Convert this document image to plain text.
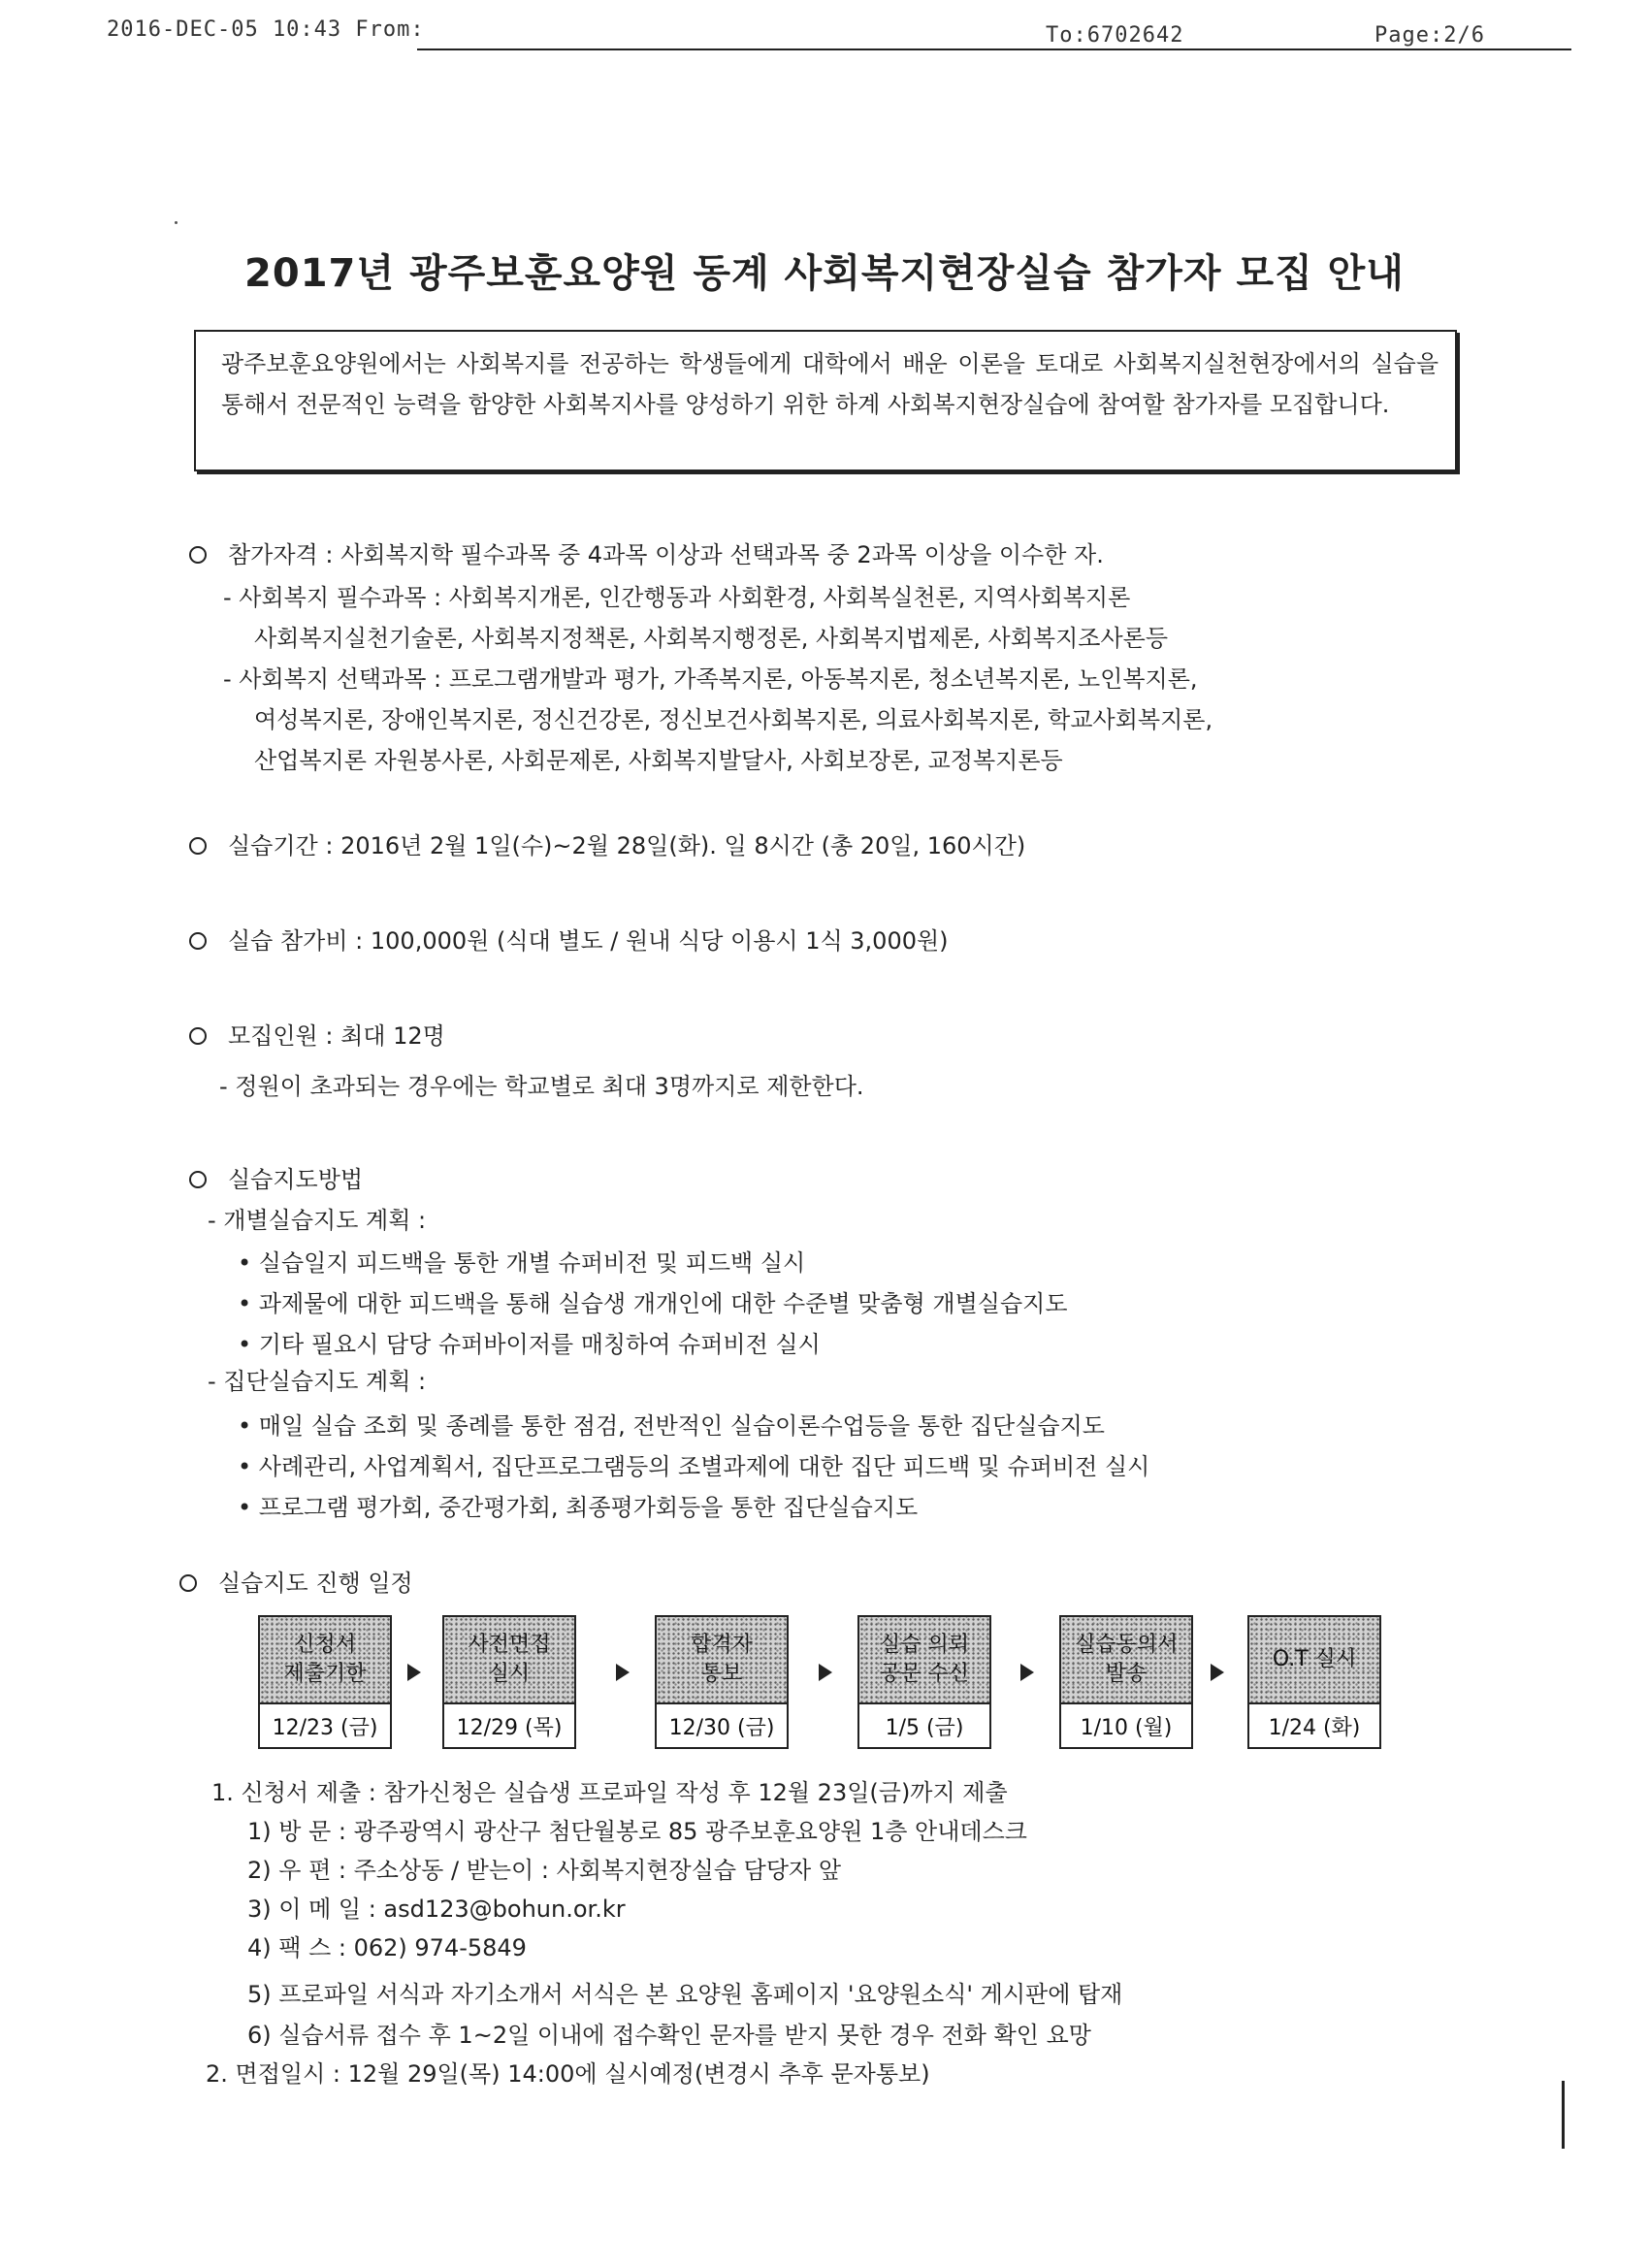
2016-DEC-05 10:43 From:	To:6702642	Page:2/6
2017년 광주보훈요양원 동계 사회복지현장실습 참가자 모집 안내
광주보훈요양원에서는 사회복지를 전공하는 학생들에게 대학에서 배운 이론을 토대로 사회복지실천현장에서의 실습을 통해서 전문적인 능력을 함양한 사회복지사를 양성하기 위한 하계 사회복지현장실습에 참여할 참가자를 모집합니다.
참가자격 : 사회복지학 필수과목 중 4과목 이상과 선택과목 중 2과목 이상을 이수한 자.
- 사회복지 필수과목 : 사회복지개론, 인간행동과 사회환경, 사회복실천론, 지역사회복지론
사회복지실천기술론, 사회복지정책론, 사회복지행정론, 사회복지법제론, 사회복지조사론등
- 사회복지 선택과목 : 프로그램개발과 평가, 가족복지론, 아동복지론, 청소년복지론, 노인복지론,
여성복지론, 장애인복지론, 정신건강론, 정신보건사회복지론, 의료사회복지론, 학교사회복지론,
산업복지론 자원봉사론, 사회문제론, 사회복지발달사, 사회보장론, 교정복지론등
실습기간 : 2016년 2월 1일(수)~2월 28일(화). 일 8시간 (총 20일, 160시간)
실습 참가비 : 100,000원 (식대 별도 / 원내 식당 이용시 1식 3,000원)
모집인원 : 최대 12명
- 정원이 초과되는 경우에는 학교별로 최대 3명까지로 제한한다.
실습지도방법
- 개별실습지도 계획 :
• 실습일지 피드백을 통한 개별 슈퍼비전 및 피드백 실시
• 과제물에 대한 피드백을 통해 실습생 개개인에 대한 수준별 맞춤형 개별실습지도
• 기타 필요시 담당 슈퍼바이저를 매칭하여 슈퍼비전 실시
- 집단실습지도 계획 :
• 매일 실습 조회 및 종례를 통한 점검, 전반적인 실습이론수업등을 통한 집단실습지도
• 사례관리, 사업계획서, 집단프로그램등의 조별과제에 대한 집단 피드백 및 슈퍼비전 실시
• 프로그램 평가회, 중간평가회, 최종평가회등을 통한 집단실습지도
실습지도 진행 일정
신청서
제출기한
12/23 (금)
사전면접
실시
12/29 (목)
합격자
통보
12/30 (금)
실습 의뢰
공문 수신
1/5 (금)
실습동의서
발송
1/10 (월)
O.T 실시
1/24 (화)
1. 신청서 제출 : 참가신청은 실습생 프로파일 작성 후 12월 23일(금)까지 제출
1) 방 문 : 광주광역시 광산구 첨단월봉로 85 광주보훈요양원 1층 안내데스크
2) 우 편 : 주소상동 / 받는이 : 사회복지현장실습 담당자 앞
3) 이 메 일 : asd123@bohun.or.kr
4) 팩 스 : 062) 974-5849
5) 프로파일 서식과 자기소개서 서식은 본 요양원 홈페이지 '요양원소식' 게시판에 탑재
6) 실습서류 접수 후 1~2일 이내에 접수확인 문자를 받지 못한 경우 전화 확인 요망
2. 면접일시 : 12월 29일(목) 14:00에 실시예정(변경시 추후 문자통보)
